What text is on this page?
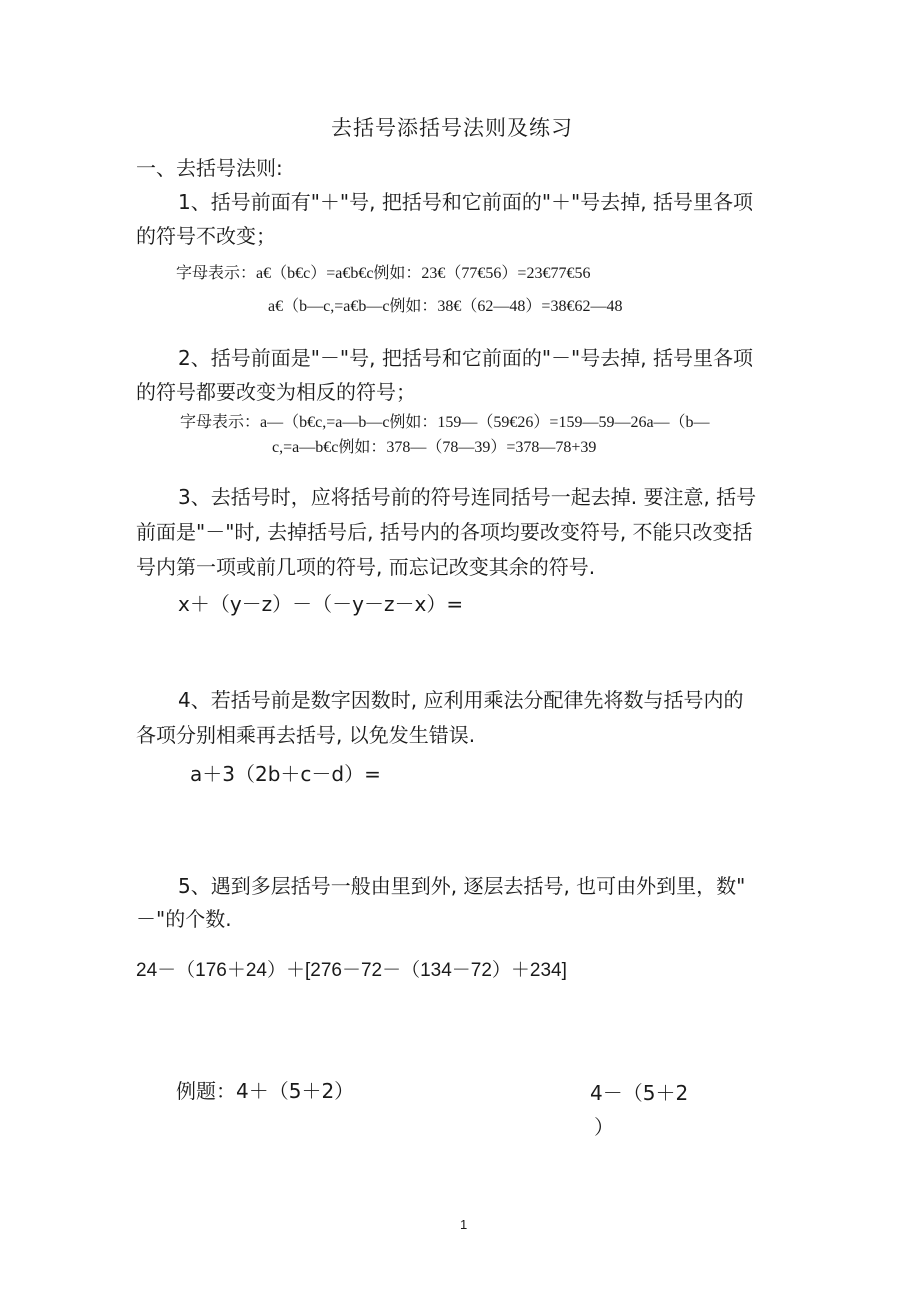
去括号添括号法则及练习
一、去括号法则:
1、括号前面有"＋"号, 把括号和它前面的"＋"号去掉, 括号里各项
的符号不改变；
字母表示：a€（b€c）=a€b€c例如：23€（77€56）=23€77€56
a€（b—c,=a€b—c例如：38€（62—48）=38€62—48
2、括号前面是"－"号, 把括号和它前面的"－"号去掉, 括号里各项
的符号都要改变为相反的符号；
字母表示：a—（b€c,=a—b—c例如：159—（59€26）=159—59—26a—（b—
c,=a—b€c例如：378—（78—39）=378—78+39
3、去括号时，应将括号前的符号连同括号一起去掉. 要注意, 括号
前面是"－"时, 去掉括号后, 括号内的各项均要改变符号, 不能只改变括
号内第一项或前几项的符号, 而忘记改变其余的符号.
x＋（y－z）－（－y－z－x）=
4、若括号前是数字因数时, 应利用乘法分配律先将数与括号内的
各项分别相乘再去括号, 以免发生错误.
a＋3（2b＋c－d）=
5、遇到多层括号一般由里到外, 逐层去括号, 也可由外到里，数"
－"的个数.
24－（176＋24）＋[276－72－（134－72）＋234]
例题：4＋（5＋2）	4－（5＋2
）
1
